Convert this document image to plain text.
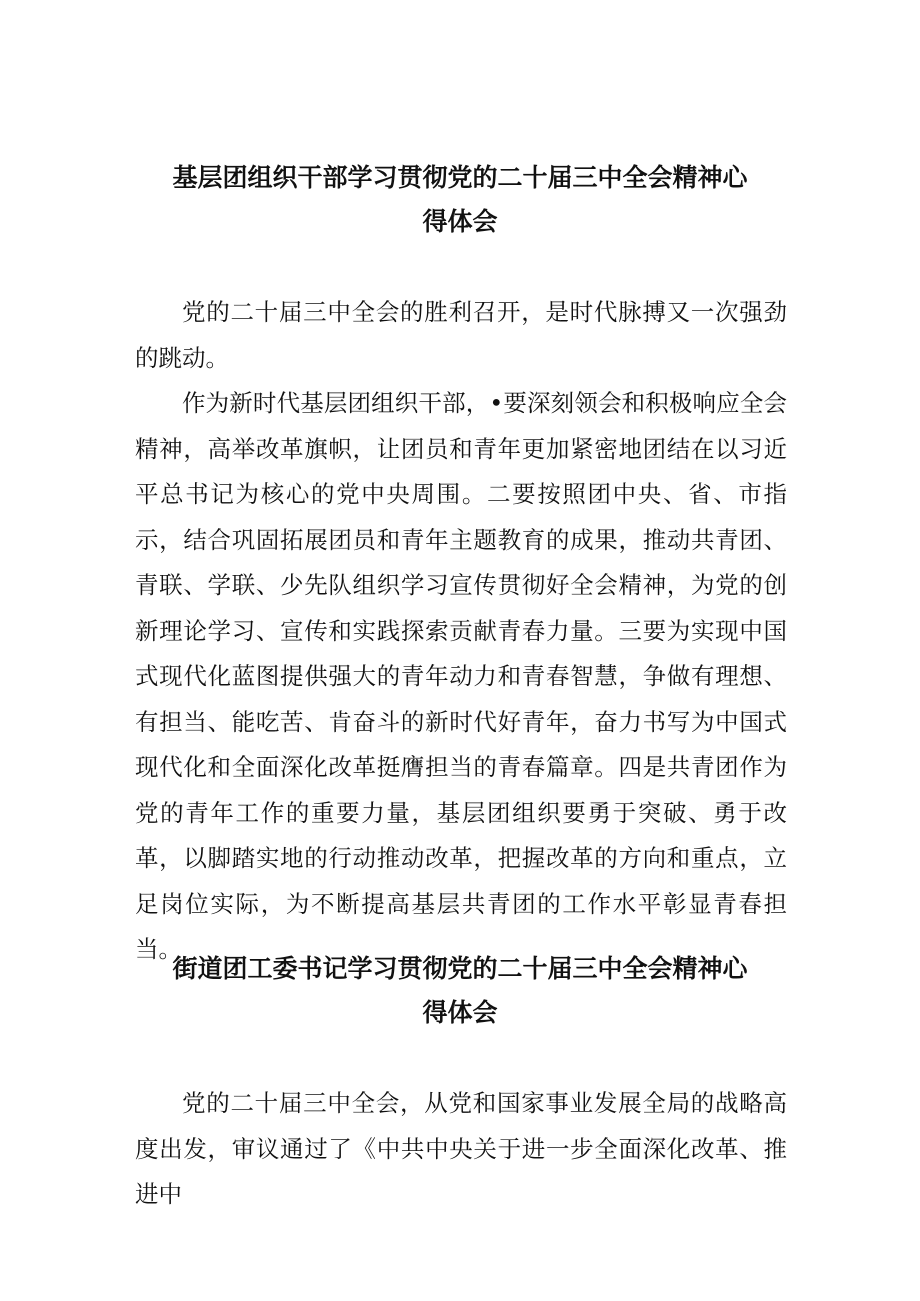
基层团组织干部学习贯彻党的二十届三中全会精神心
得体会

党的二十届三中全会的胜利召开，是时代脉搏又一次强劲的跳动。

作为新时代基层团组织干部，•要深刻领会和积极响应全会精神，高举改革旗帜，让团员和青年更加紧密地团结在以习近平总书记为核心的党中央周围。二要按照团中央、省、市指示，结合巩固拓展团员和青年主题教育的成果，推动共青团、青联、学联、少先队组织学习宣传贯彻好全会精神，为党的创新理论学习、宣传和实践探索贡献青春力量。三要为实现中国式现代化蓝图提供强大的青年动力和青春智慧，争做有理想、有担当、能吃苦、肯奋斗的新时代好青年，奋力书写为中国式现代化和全面深化改革挺膺担当的青春篇章。四是共青团作为党的青年工作的重要力量，基层团组织要勇于突破、勇于改革，以脚踏实地的行动推动改革，把握改革的方向和重点，立足岗位实际，为不断提高基层共青团的工作水平彰显青春担当。

街道团工委书记学习贯彻党的二十届三中全会精神心
得体会

党的二十届三中全会，从党和国家事业发展全局的战略高度出发，审议通过了《中共中央关于进一步全面深化改革、推进中
